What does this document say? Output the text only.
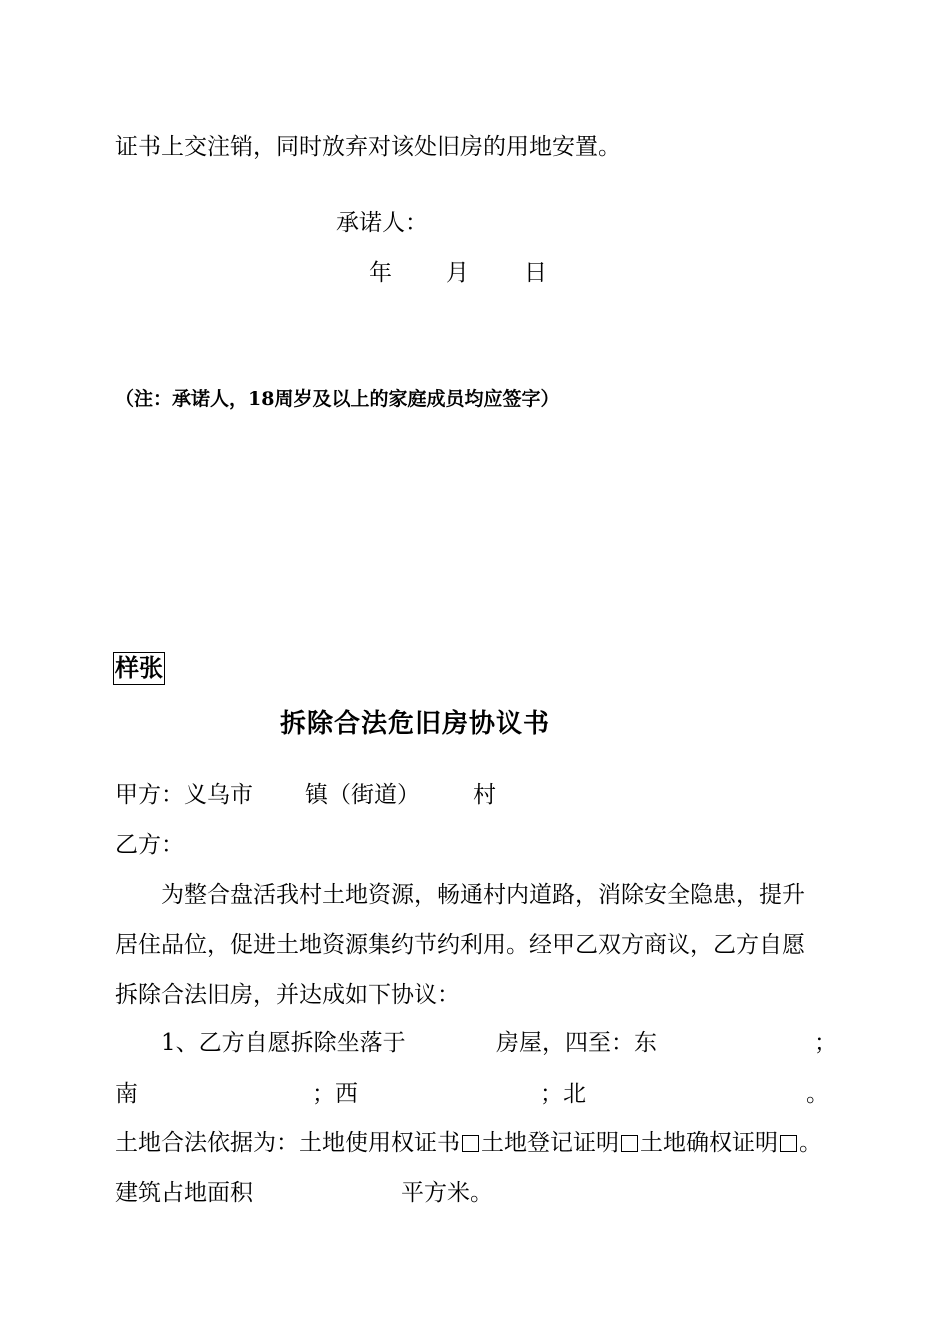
证书上交注销，同时放弃对该处旧房的用地安置。
承诺人：
年 月 日
（注：承诺人，18周岁及以上的家庭成员均应签字）
样张
拆除合法危旧房协议书
甲方：义乌市 镇（街道） 村
乙方：
为整合盘活我村土地资源，畅通村内道路，消除安全隐患，提升
居住品位，促进土地资源集约节约利用。经甲乙双方商议，乙方自愿
拆除合法旧房，并达成如下协议：
1、乙方自愿拆除坐落于	房屋，四至：东	；
南	；西	；北	。
土地合法依据为：土地使用权证书 土地登记证明 土地确权证明 。
建筑占地面积	平方米。
